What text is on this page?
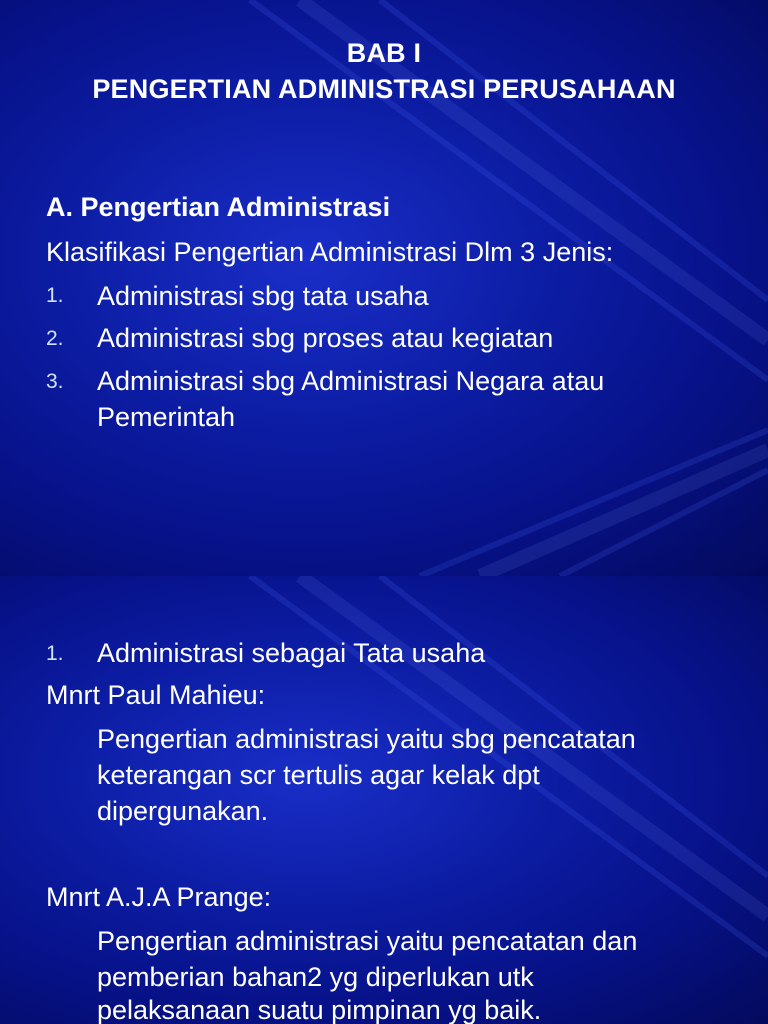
BAB I
PENGERTIAN ADMINISTRASI PERUSAHAAN
A. Pengertian Administrasi
Klasifikasi Pengertian Administrasi Dlm 3 Jenis:
1. Administrasi sbg tata usaha
2. Administrasi sbg proses atau kegiatan
3. Administrasi sbg Administrasi Negara atau
Pemerintah
1. Administrasi sebagai Tata usaha
Mnrt Paul Mahieu:
Pengertian administrasi yaitu sbg pencatatan
keterangan scr tertulis agar kelak dpt
dipergunakan.
Mnrt A.J.A Prange:
Pengertian administrasi yaitu pencatatan dan
pemberian bahan2 yg diperlukan utk
pelaksanaan suatu pimpinan yg baik.
